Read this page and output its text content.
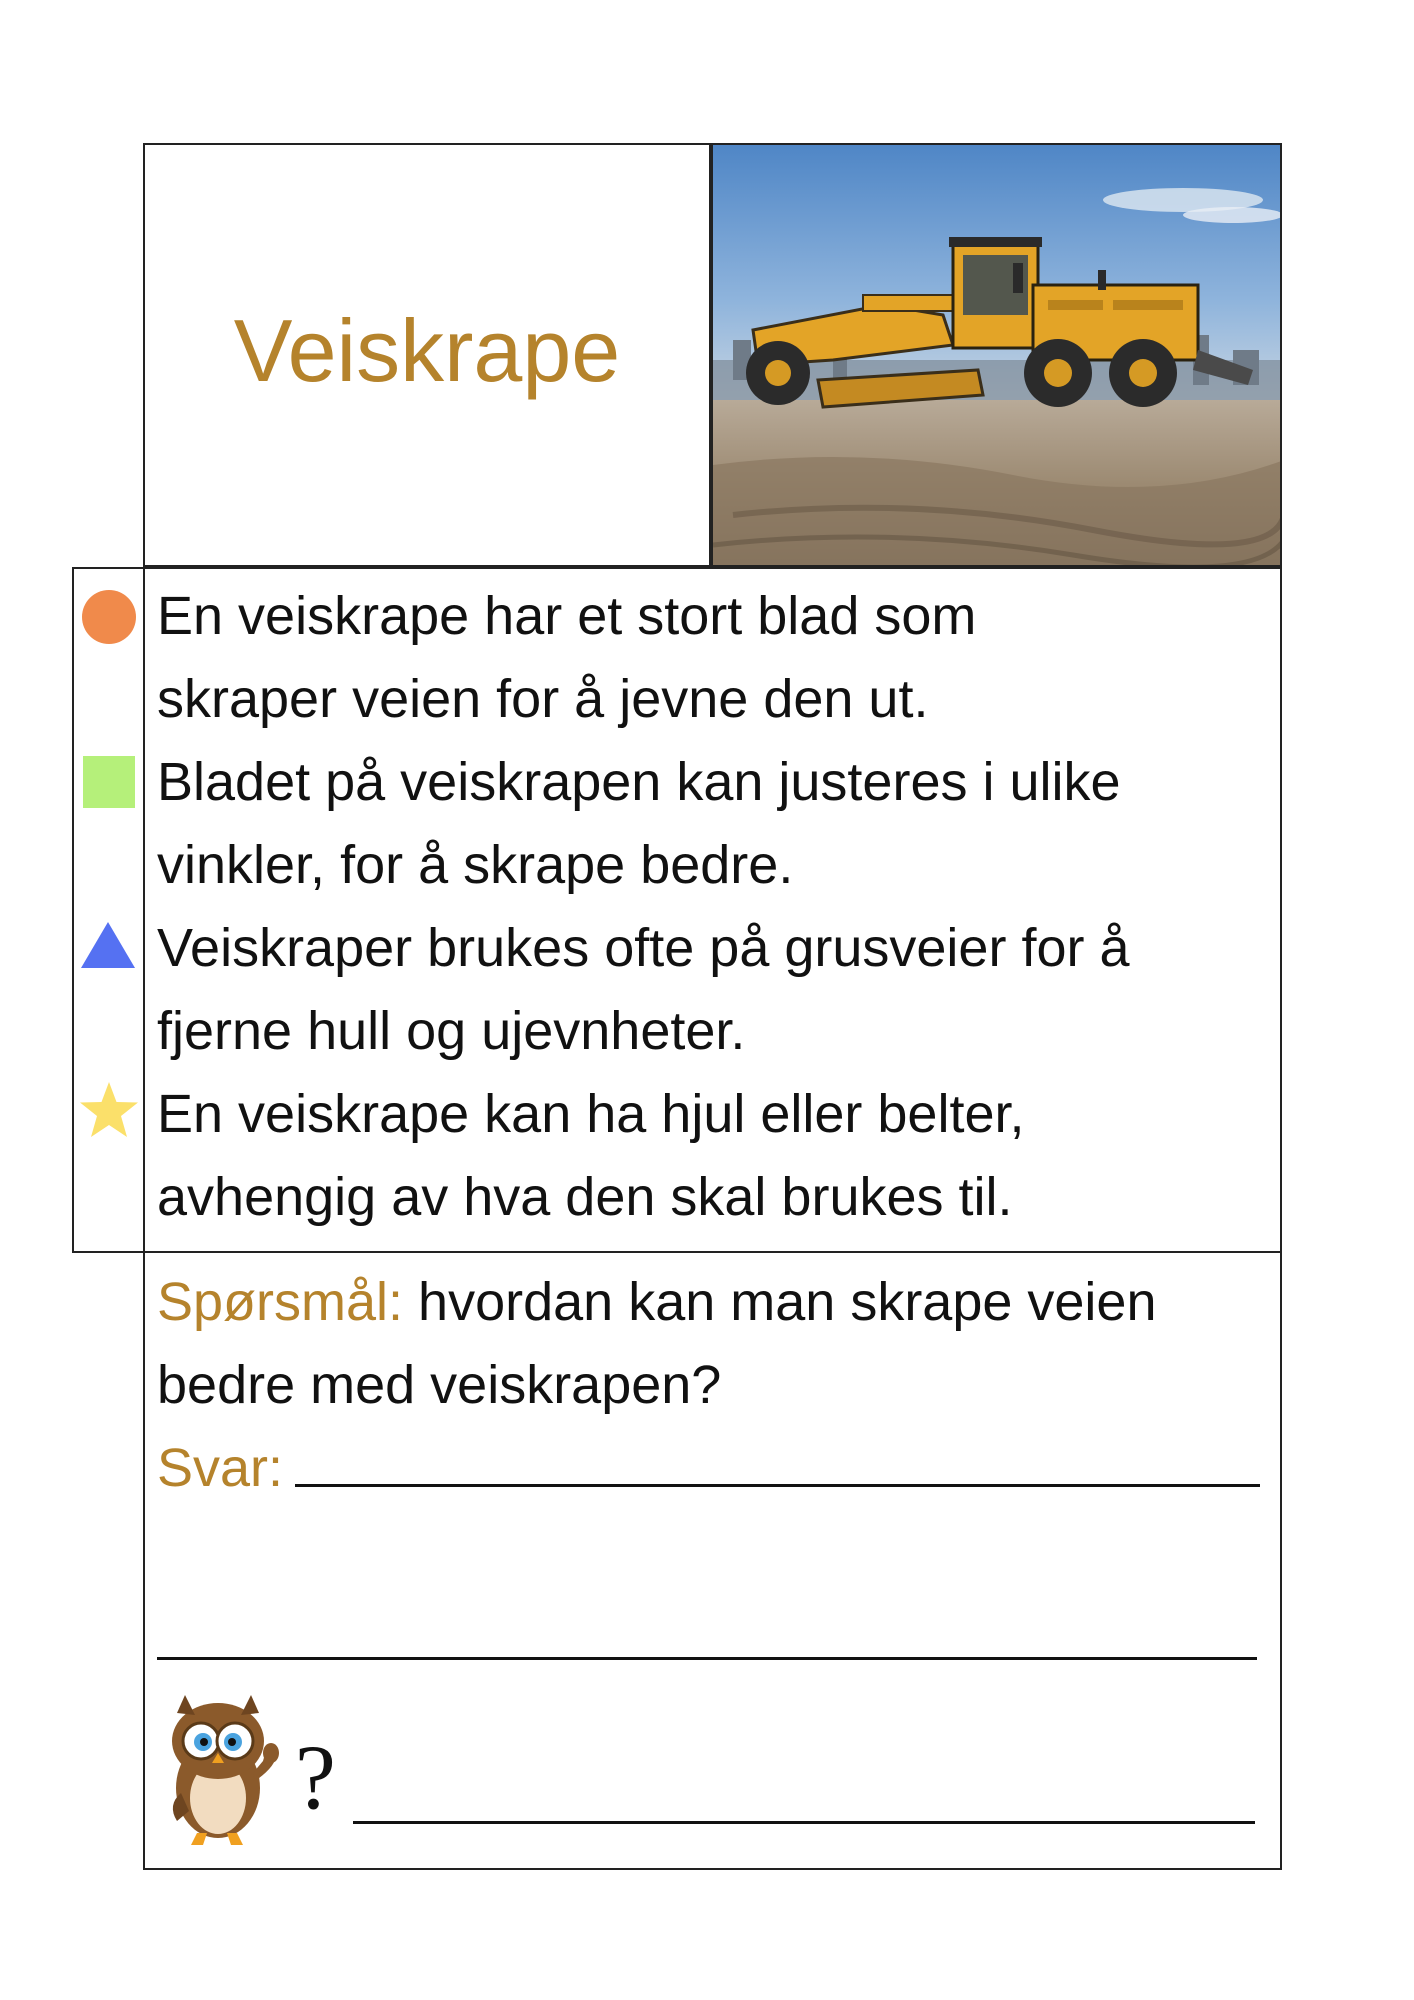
Veiskrape
En veiskrape har et stort blad som
skraper veien for å jevne den ut.
Bladet på veiskrapen kan justeres i ulike
vinkler, for å skrape bedre.
Veiskraper brukes ofte på grusveier for å
fjerne hull og ujevnheter.
En veiskrape kan ha hjul eller belter,
avhengig av hva den skal brukes til.
Spørsmål: hvordan kan man skrape veien
bedre med veiskrapen?
Svar:
?
